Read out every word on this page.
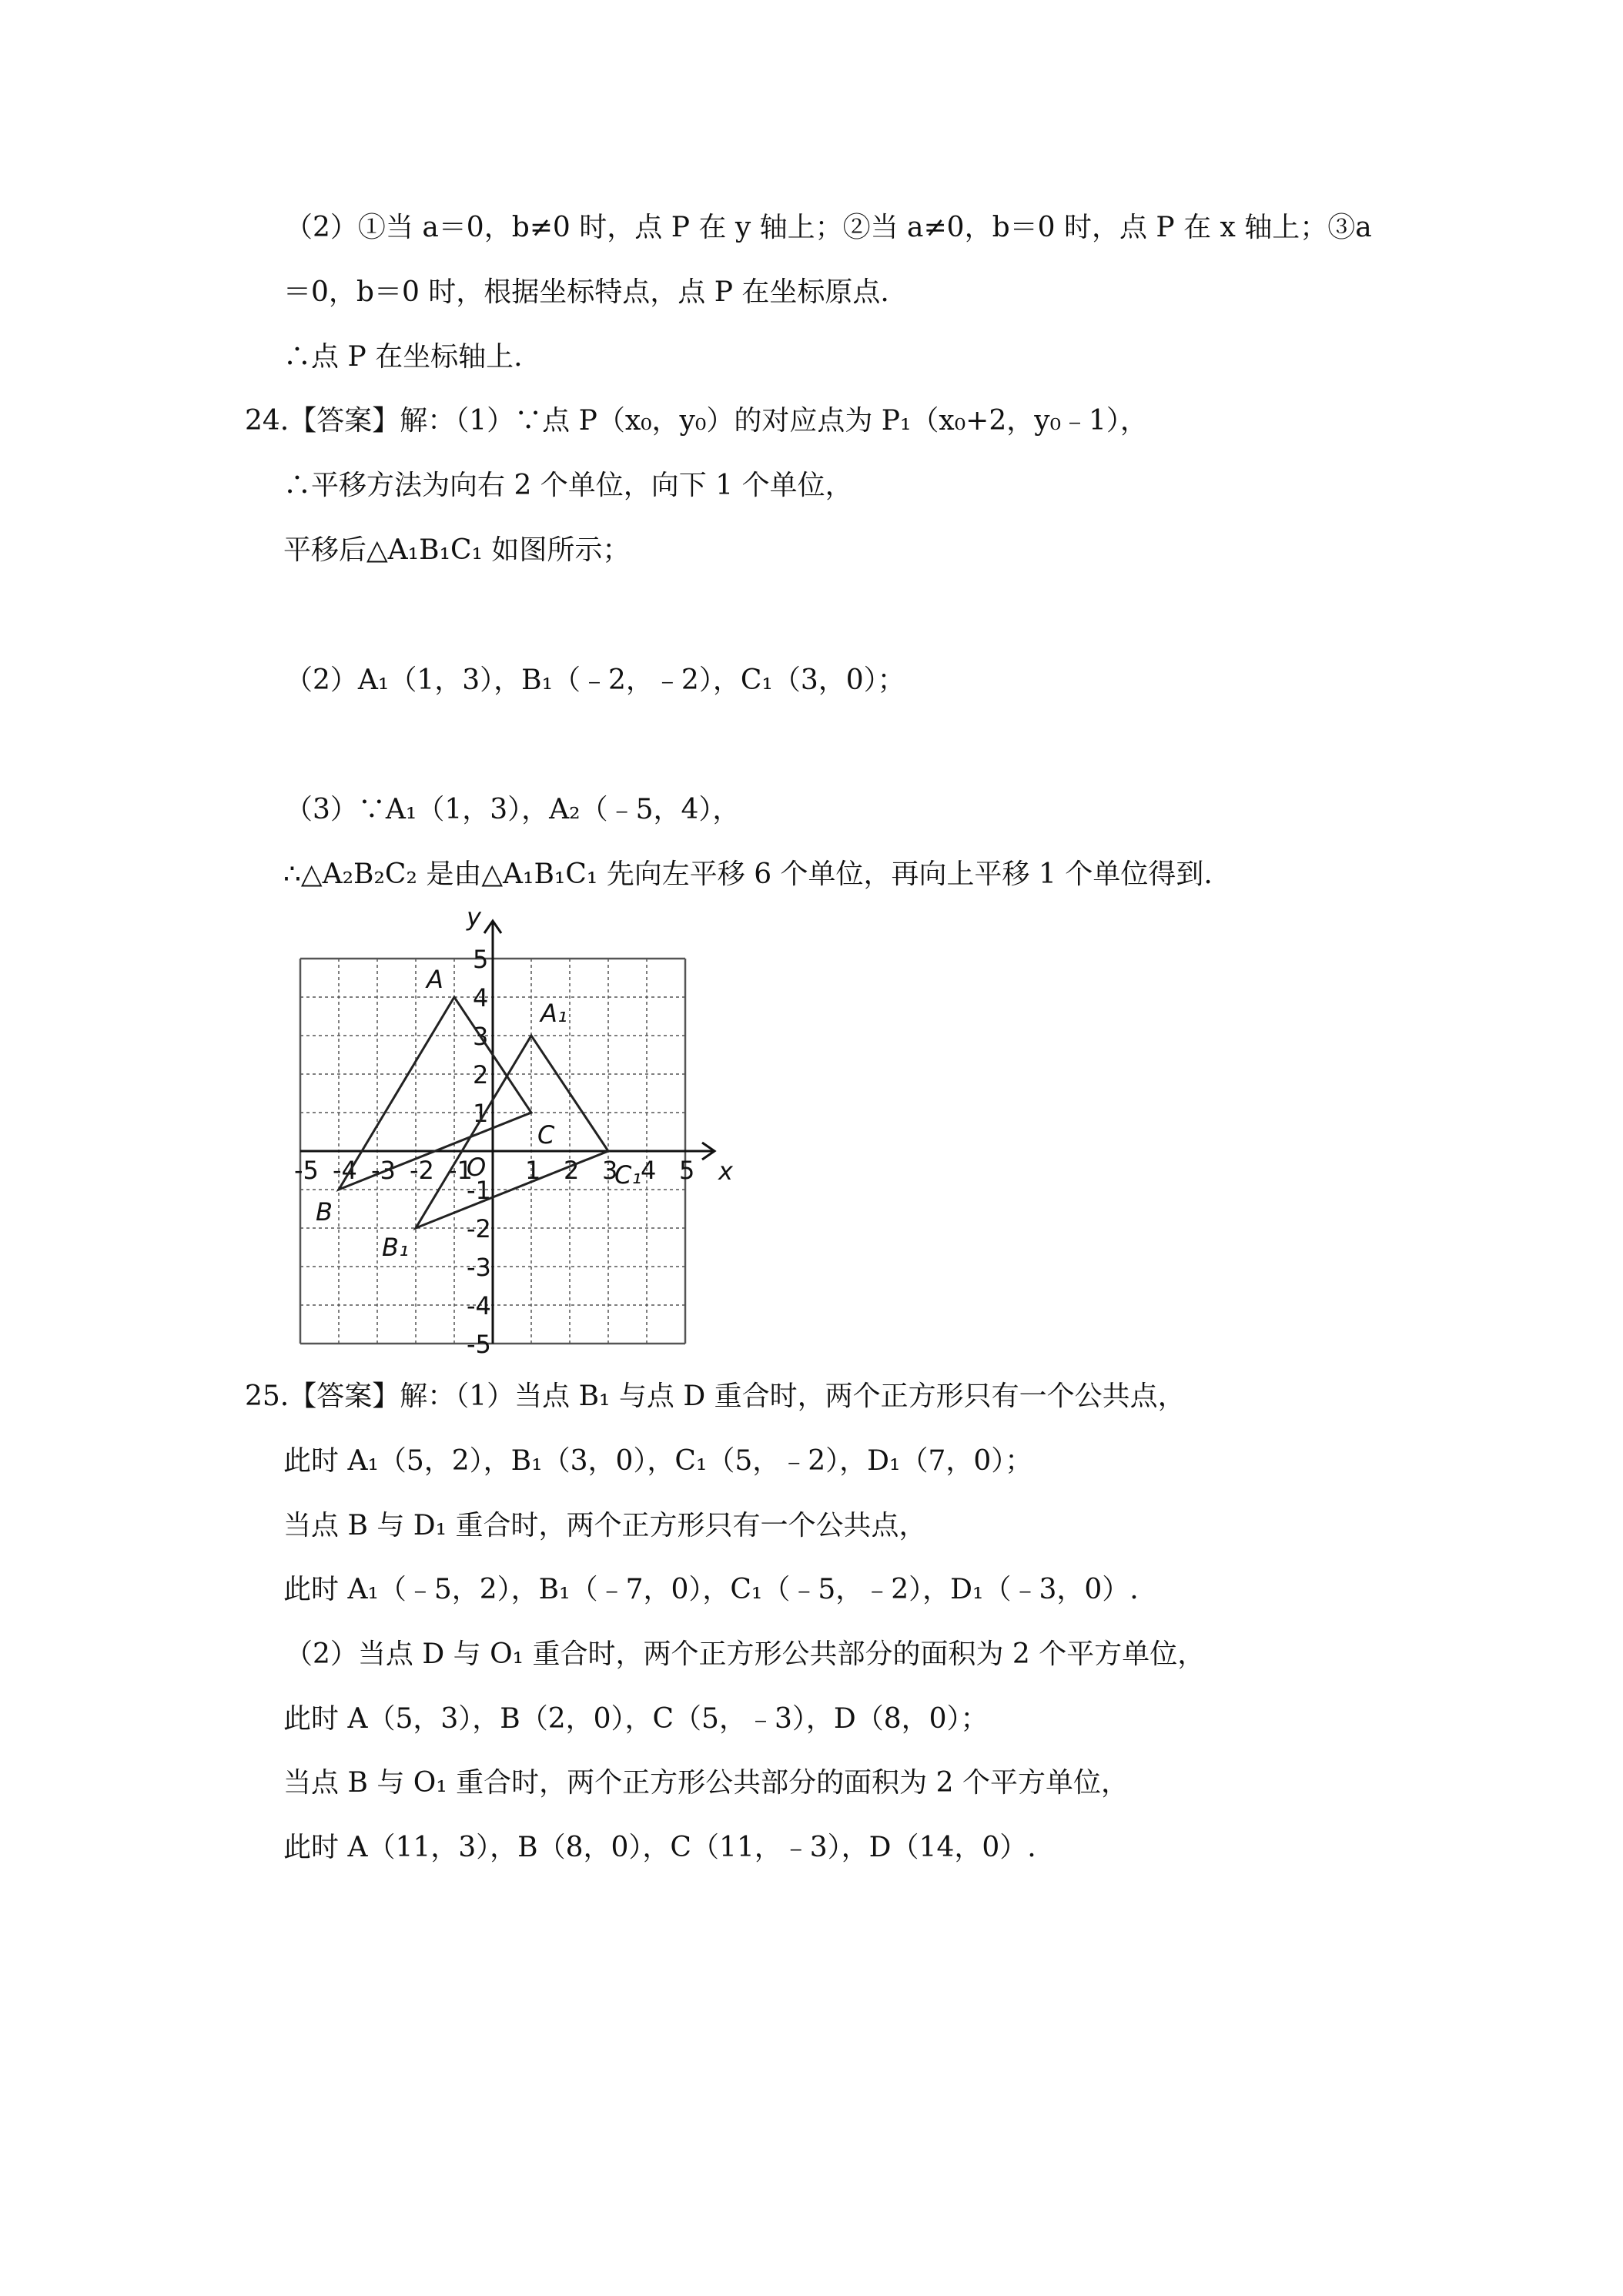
（2）①当 a＝0，b≠0 时，点 P 在 y 轴上；②当 a≠0，b＝0 时，点 P 在 x 轴上；③a
＝0，b＝0 时，根据坐标特点，点 P 在坐标原点.
∴点 P 在坐标轴上.
24.【答案】解：（1）∵点 P（x₀，y₀）的对应点为 P₁（x₀+2，y₀﹣1），
∴平移方法为向右 2 个单位，向下 1 个单位，
平移后△A₁B₁C₁ 如图所示；
（2）A₁（1，3），B₁（﹣2，﹣2），C₁（3，0）；
（3）∵A₁（1，3），A₂（﹣5，4），
∴△A₂B₂C₂ 是由△A₁B₁C₁ 先向左平移 6 个单位，再向上平移 1 个单位得到.
x
y
O
-5 -4 -3 -2 -1 1 2 3 4 5
5
4
3
2
1
-1
-2
-3
-4
-5
A
B
C
A₁
B₁
C₁
25.【答案】解：（1）当点 B₁ 与点 D 重合时，两个正方形只有一个公共点，
此时 A₁（5，2），B₁（3，0），C₁（5，﹣2），D₁（7，0）；
当点 B 与 D₁ 重合时，两个正方形只有一个公共点，
此时 A₁（﹣5，2），B₁（﹣7，0），C₁（﹣5，﹣2），D₁（﹣3，0）.
（2）当点 D 与 O₁ 重合时，两个正方形公共部分的面积为 2 个平方单位，
此时 A（5，3），B（2，0），C（5，﹣3），D（8，0）；
当点 B 与 O₁ 重合时，两个正方形公共部分的面积为 2 个平方单位，
此时 A（11，3），B（8，0），C（11，﹣3），D（14，0）.
